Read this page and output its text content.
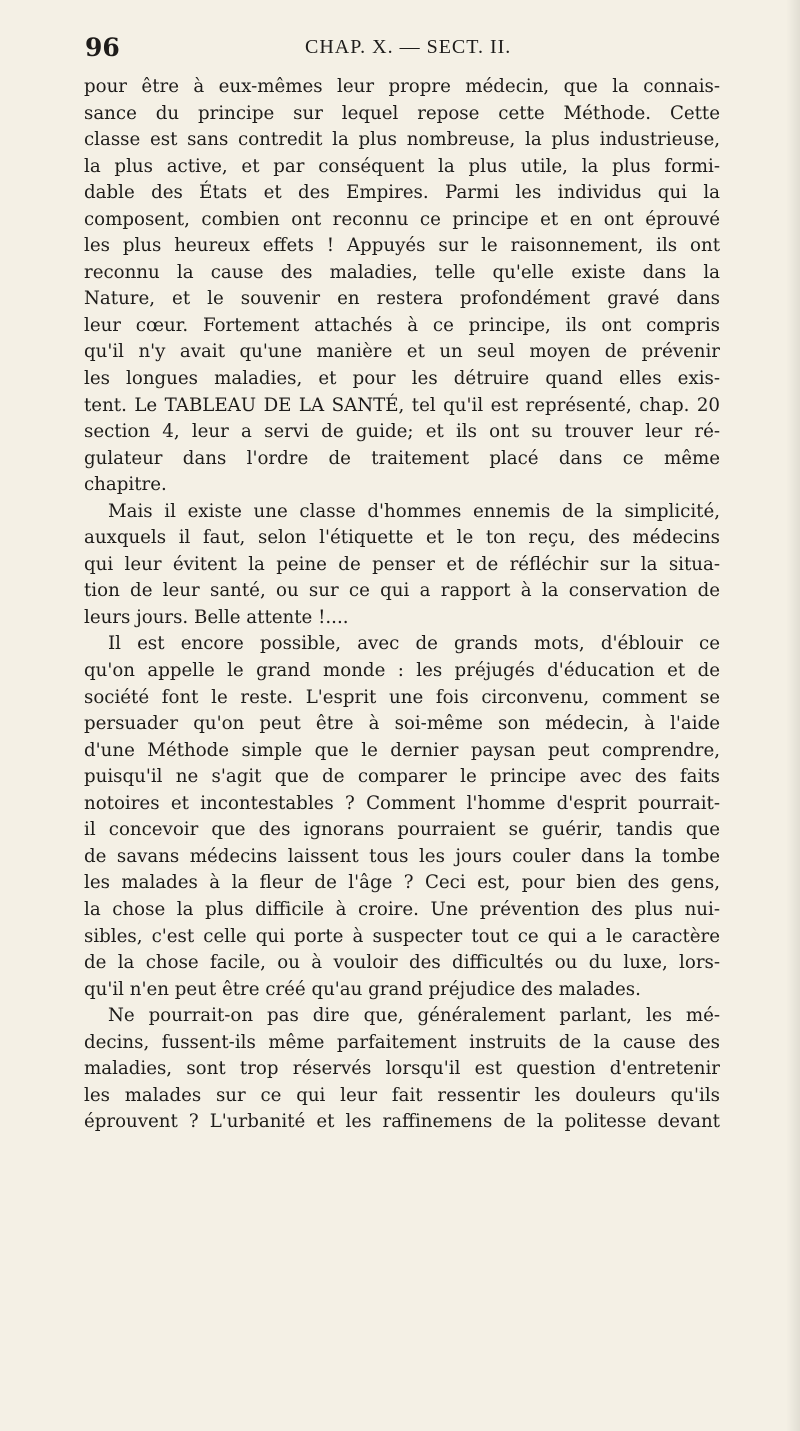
96	CHAP. X. — SECT. II.
pour être à eux-mêmes leur propre médecin, que la connais-
sance du principe sur lequel repose cette Méthode. Cette
classe est sans contredit la plus nombreuse, la plus industrieuse,
la plus active, et par conséquent la plus utile, la plus formi-
dable des États et des Empires. Parmi les individus qui la
composent, combien ont reconnu ce principe et en ont éprouvé
les plus heureux effets ! Appuyés sur le raisonnement, ils ont
reconnu la cause des maladies, telle qu'elle existe dans la
Nature, et le souvenir en restera profondément gravé dans
leur cœur. Fortement attachés à ce principe, ils ont compris
qu'il n'y avait qu'une manière et un seul moyen de prévenir
les longues maladies, et pour les détruire quand elles exis-
tent. Le TABLEAU DE LA SANTÉ, tel qu'il est représenté, chap. 20
section 4, leur a servi de guide; et ils ont su trouver leur ré-
gulateur dans l'ordre de traitement placé dans ce même
chapitre.
Mais il existe une classe d'hommes ennemis de la simplicité,
auxquels il faut, selon l'étiquette et le ton reçu, des médecins
qui leur évitent la peine de penser et de réfléchir sur la situa-
tion de leur santé, ou sur ce qui a rapport à la conservation de
leurs jours. Belle attente !....
Il est encore possible, avec de grands mots, d'éblouir ce
qu'on appelle le grand monde : les préjugés d'éducation et de
société font le reste. L'esprit une fois circonvenu, comment se
persuader qu'on peut être à soi-même son médecin, à l'aide
d'une Méthode simple que le dernier paysan peut comprendre,
puisqu'il ne s'agit que de comparer le principe avec des faits
notoires et incontestables ? Comment l'homme d'esprit pourrait-
il concevoir que des ignorans pourraient se guérir, tandis que
de savans médecins laissent tous les jours couler dans la tombe
les malades à la fleur de l'âge ? Ceci est, pour bien des gens,
la chose la plus difficile à croire. Une prévention des plus nui-
sibles, c'est celle qui porte à suspecter tout ce qui a le caractère
de la chose facile, ou à vouloir des difficultés ou du luxe, lors-
qu'il n'en peut être créé qu'au grand préjudice des malades.
Ne pourrait-on pas dire que, généralement parlant, les mé-
decins, fussent-ils même parfaitement instruits de la cause des
maladies, sont trop réservés lorsqu'il est question d'entretenir
les malades sur ce qui leur fait ressentir les douleurs qu'ils
éprouvent ? L'urbanité et les raffinemens de la politesse devant
